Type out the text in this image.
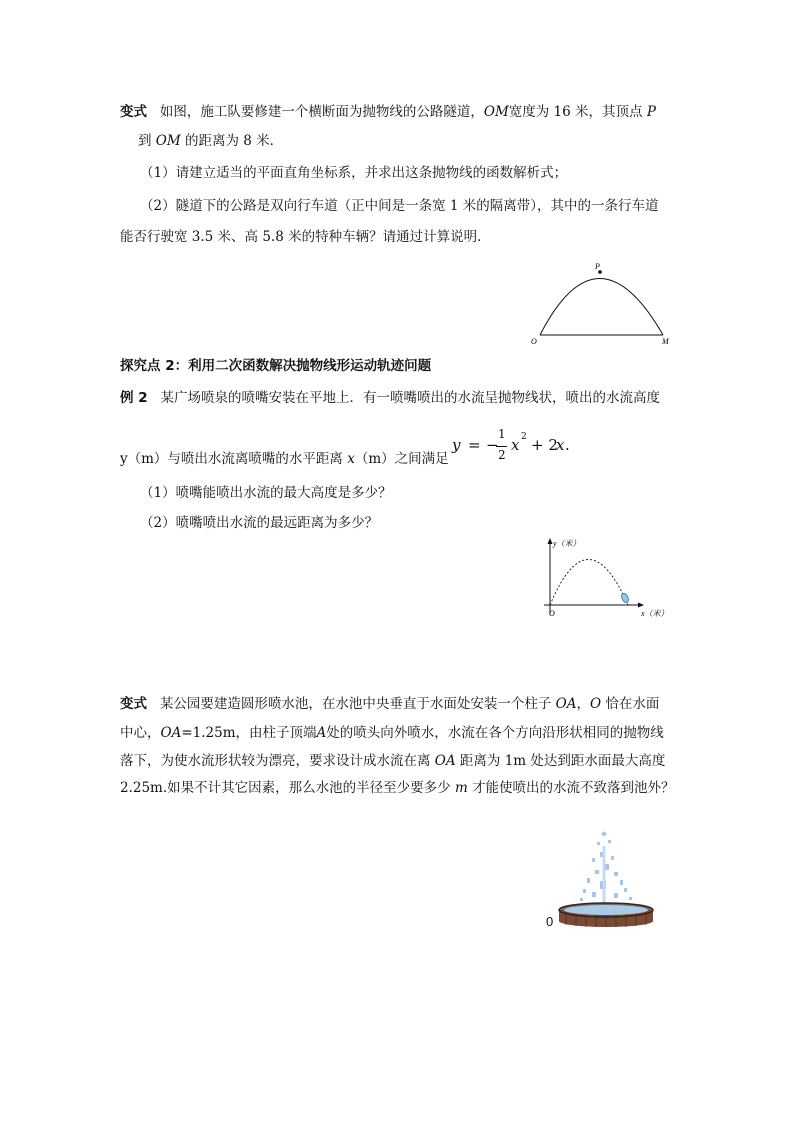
变式 如图，施工队要修建一个横断面为抛物线的公路隧道，OM宽度为 16 米，其顶点 P
到 OM 的距离为 8 米．
（1）请建立适当的平面直角坐标系，并求出这条抛物线的函数解析式；
（2）隧道下的公路是双向行车道（正中间是一条宽 1 米的隔离带），其中的一条行车道
能否行驶宽 3.5 米、高 5.8 米的特种车辆？请通过计算说明．
P
O	M
探究点 2：利用二次函数解决抛物线形运动轨迹问题
例 2 某广场喷泉的喷嘴安装在平地上．有一喷嘴喷出的水流呈抛物线状，喷出的水流高度
y（m）与喷出水流离喷嘴的水平距离 x（m）之间满足
y = −
1
2
x 2 + 2
x .
（1）喷嘴能喷出水流的最大高度是多少？
（2）喷嘴喷出水流的最远距离为多少？
y（米）
O	x（米）
变式 某公园要建造圆形喷水池，在水池中央垂直于水面处安装一个柱子 OA，O 恰在水面
中心，OA=1.25m，由柱子顶端A处的喷头向外喷水，水流在各个方向沿形状相同的抛物线
落下，为使水流形状较为漂亮，要求设计成水流在离 OA 距离为 1m 处达到距水面最大高度
2.25m.如果不计其它因素，那么水池的半径至少要多少 m 才能使喷出的水流不致落到池外？
0
